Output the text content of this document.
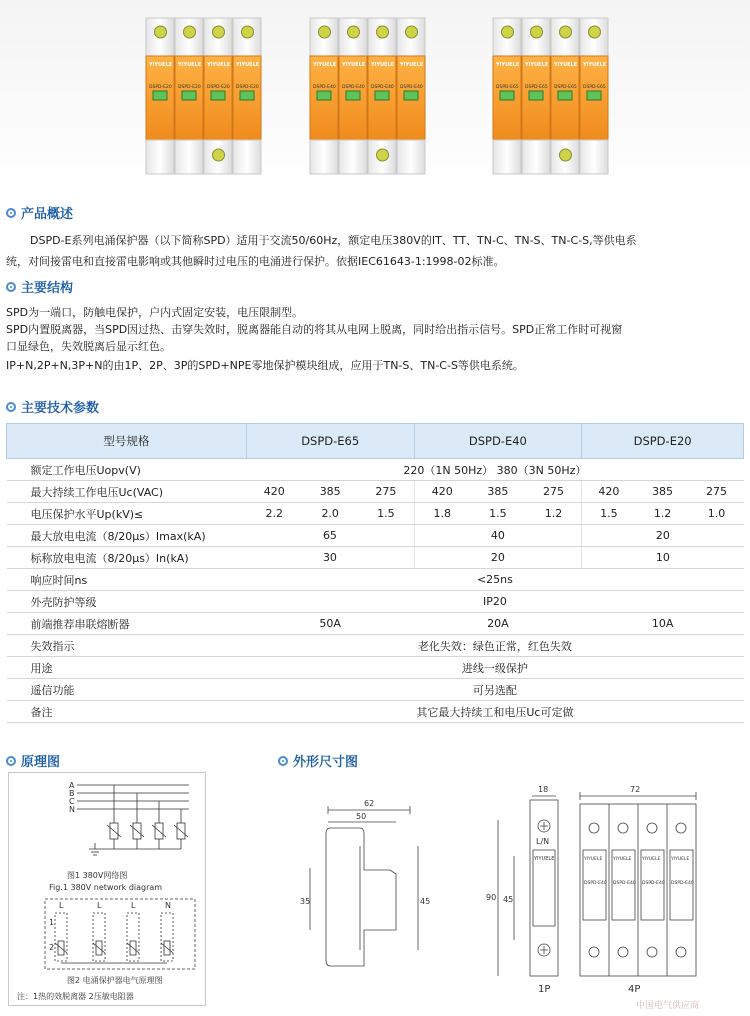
YIYUELE
DSPD-E20
YIYUELE
DSPD-E20
YIYUELE
DSPD-E20
YIYUELE
DSPD-E20
YIYUELE
DSPD-E40
YIYUELE
DSPD-E40
YIYUELE
DSPD-E40
YIYUELE
DSPD-E40
YIYUELE
DSPD-E65
YIYUELE
DSPD-E65
YIYUELE
DSPD-E65
YIYUELE
DSPD-E65
产品概述
DSPD-E系列电涌保护器（以下简称SPD）适用于交流50/60Hz，额定电压380V的IT、TT、TN-C、TN-S、TN-C-S,等供电系
统，对间接雷电和直接雷电影响或其他瞬时过电压的电涌进行保护。依据IEC61643-1:1998-02标准。
主要结构
SPD为一端口，防触电保护，户内式固定安装，电压限制型。
SPD内置脱离器，当SPD因过热、击穿失效时，脱离器能自动的将其从电网上脱离，同时给出指示信号。SPD正常工作时可视窗
口显绿色，失效脱离后显示红色。
IP+N,2P+N,3P+N的由1P、2P、3P的SPD+NPE零地保护模块组成，应用于TN-S、TN-C-S等供电系统。
主要技术参数
型号规格	DSPD-E65			DSPD-E40			DSPD-E20		
额定工作电压Uopv(V)	220（1N 50Hz） 380（3N 50Hz）								
最大持续工作电压Uc(VAC)	420	385	275	420	385	275	420	385	275
电压保护水平Up(kV)≤	2.2	2.0	1.5	1.8	1.5	1.2	1.5	1.2	1.0
最大放电电流（8/20μs）Imax(kA)	65			40			20		
标称放电电流（8/20μs）In(kA)	30			20			10		
响应时间ns	<25ns								
外壳防护等级	IP20								
前端推荐串联熔断器	50A			20A			10A		
失效指示	老化失效：绿色正常，红色失效								
用途	进线一级保护								
遥信功能	可另选配								
备注	其它最大持续工和电压Uc可定做								
原理图
A
B
C
N
图1 380V网络图
Fig.1 380V network diagram
L	L	L	N
1
2
图2 电涌保护器电气原理图
注：1热的效脱离器 2压敏电阻器
外形尺寸图
62
50
35	45
18
90 45
L/N
YIYUELE
1P
72
YIYUELE YIYUELE YIYUELE YIYUELE
DSPD-E40 DSPD-E40 DSPD-E40 DSPD-E40
4P
中国电气供应商
